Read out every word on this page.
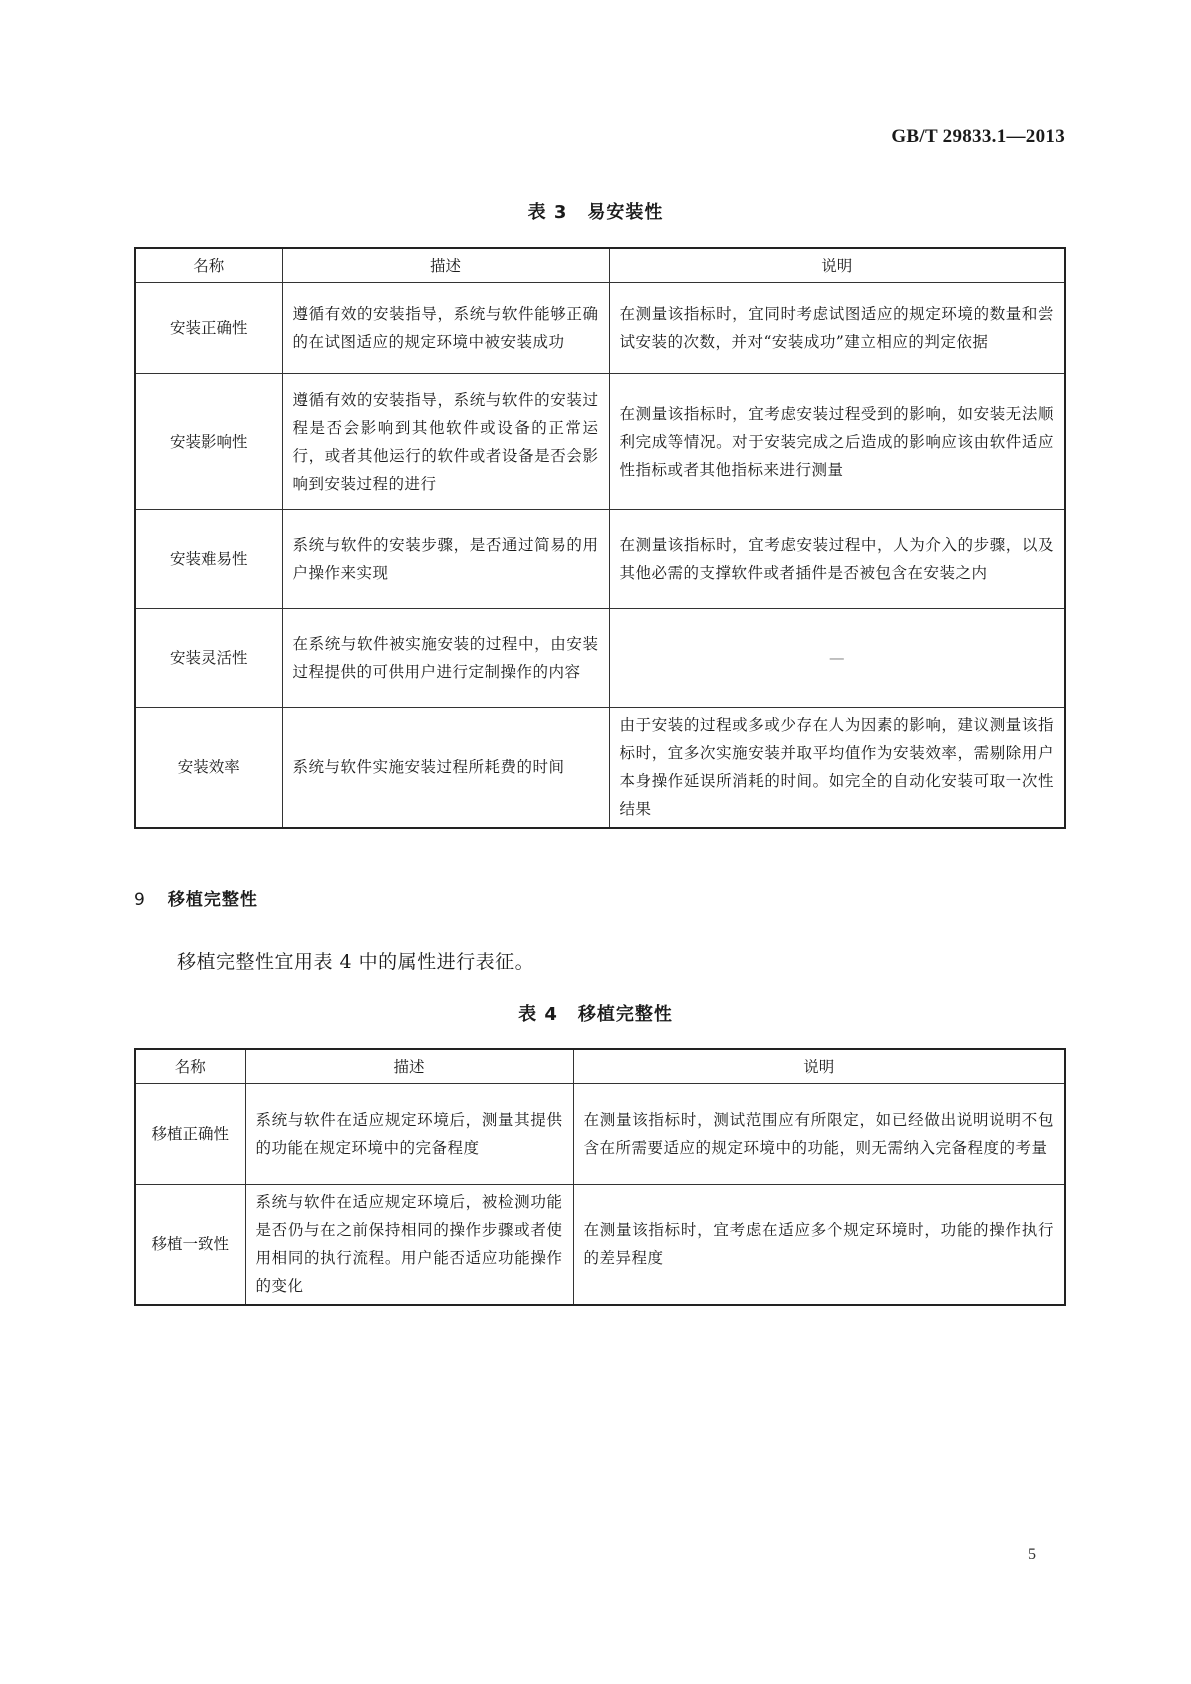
GB/T 29833.1—2013
表 3 易安装性
名称	描述	说明
安装正确性	遵循有效的安装指导，系统与软件能够正确的在试图适应的规定环境中被安装成功	在测量该指标时，宜同时考虑试图适应的规定环境的数量和尝试安装的次数，并对“安装成功”建立相应的判定依据
安装影响性	遵循有效的安装指导，系统与软件的安装过程是否会影响到其他软件或设备的正常运行，或者其他运行的软件或者设备是否会影响到安装过程的进行	在测量该指标时，宜考虑安装过程受到的影响，如安装无法顺利完成等情况。对于安装完成之后造成的影响应该由软件适应性指标或者其他指标来进行测量
安装难易性	系统与软件的安装步骤，是否通过简易的用户操作来实现	在测量该指标时，宜考虑安装过程中，人为介入的步骤，以及其他必需的支撑软件或者插件是否被包含在安装之内
安装灵活性	在系统与软件被实施安装的过程中，由安装过程提供的可供用户进行定制操作的内容	—
安装效率	系统与软件实施安装过程所耗费的时间	由于安装的过程或多或少存在人为因素的影响，建议测量该指标时，宜多次实施安装并取平均值作为安装效率，需剔除用户本身操作延误所消耗的时间。如完全的自动化安装可取一次性结果
9 移植完整性
移植完整性宜用表 4 中的属性进行表征。
表 4 移植完整性
名称	描述	说明
移植正确性	系统与软件在适应规定环境后，测量其提供的功能在规定环境中的完备程度	在测量该指标时，测试范围应有所限定，如已经做出说明说明不包含在所需要适应的规定环境中的功能，则无需纳入完备程度的考量
移植一致性	系统与软件在适应规定环境后，被检测功能是否仍与在之前保持相同的操作步骤或者使用相同的执行流程。用户能否适应功能操作的变化	在测量该指标时，宜考虑在适应多个规定环境时，功能的操作执行的差异程度
5
